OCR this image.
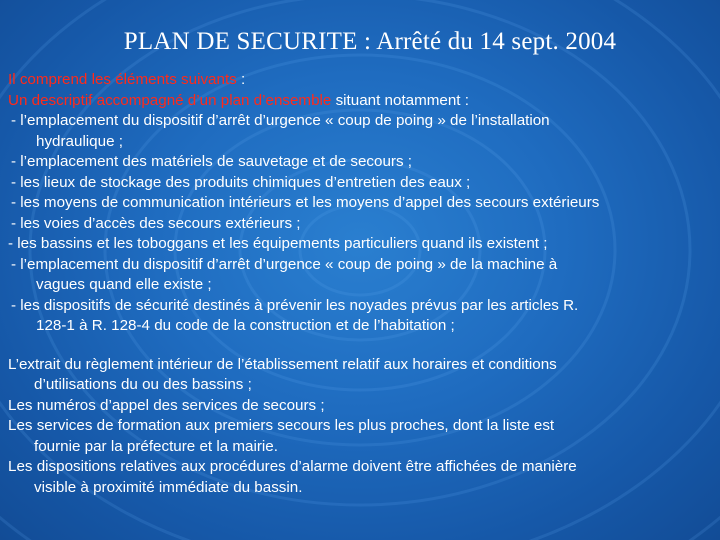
PLAN DE SECURITE : Arrêté du 14 sept. 2004
Il comprend les éléments suivants :
Un descriptif accompagné d’un plan d’ensemble situant notamment :
- l’emplacement du dispositif d’arrêt d’urgence « coup de poing » de l’installation
hydraulique ;
- l’emplacement des matériels de sauvetage et de secours ;
- les lieux de stockage des produits chimiques d’entretien des eaux ;
- les moyens de communication intérieurs et les moyens d’appel des secours extérieurs
- les voies d’accès des secours extérieurs ;
- les bassins et les toboggans et les équipements particuliers quand ils existent ;
- l’emplacement du dispositif d’arrêt d’urgence « coup de poing » de la machine à
vagues quand elle existe ;
- les dispositifs de sécurité destinés à prévenir les noyades prévus par les articles R.
128-1 à R. 128-4 du code de la construction et de l’habitation ;
L’extrait du règlement intérieur de l’établissement relatif aux horaires et conditions
d’utilisations du ou des bassins ;
Les numéros d’appel des services de secours ;
Les services de formation aux premiers secours les plus proches, dont la liste est
fournie par la préfecture et la mairie.
Les dispositions relatives aux procédures d’alarme doivent être affichées de manière
visible à proximité immédiate du bassin.
